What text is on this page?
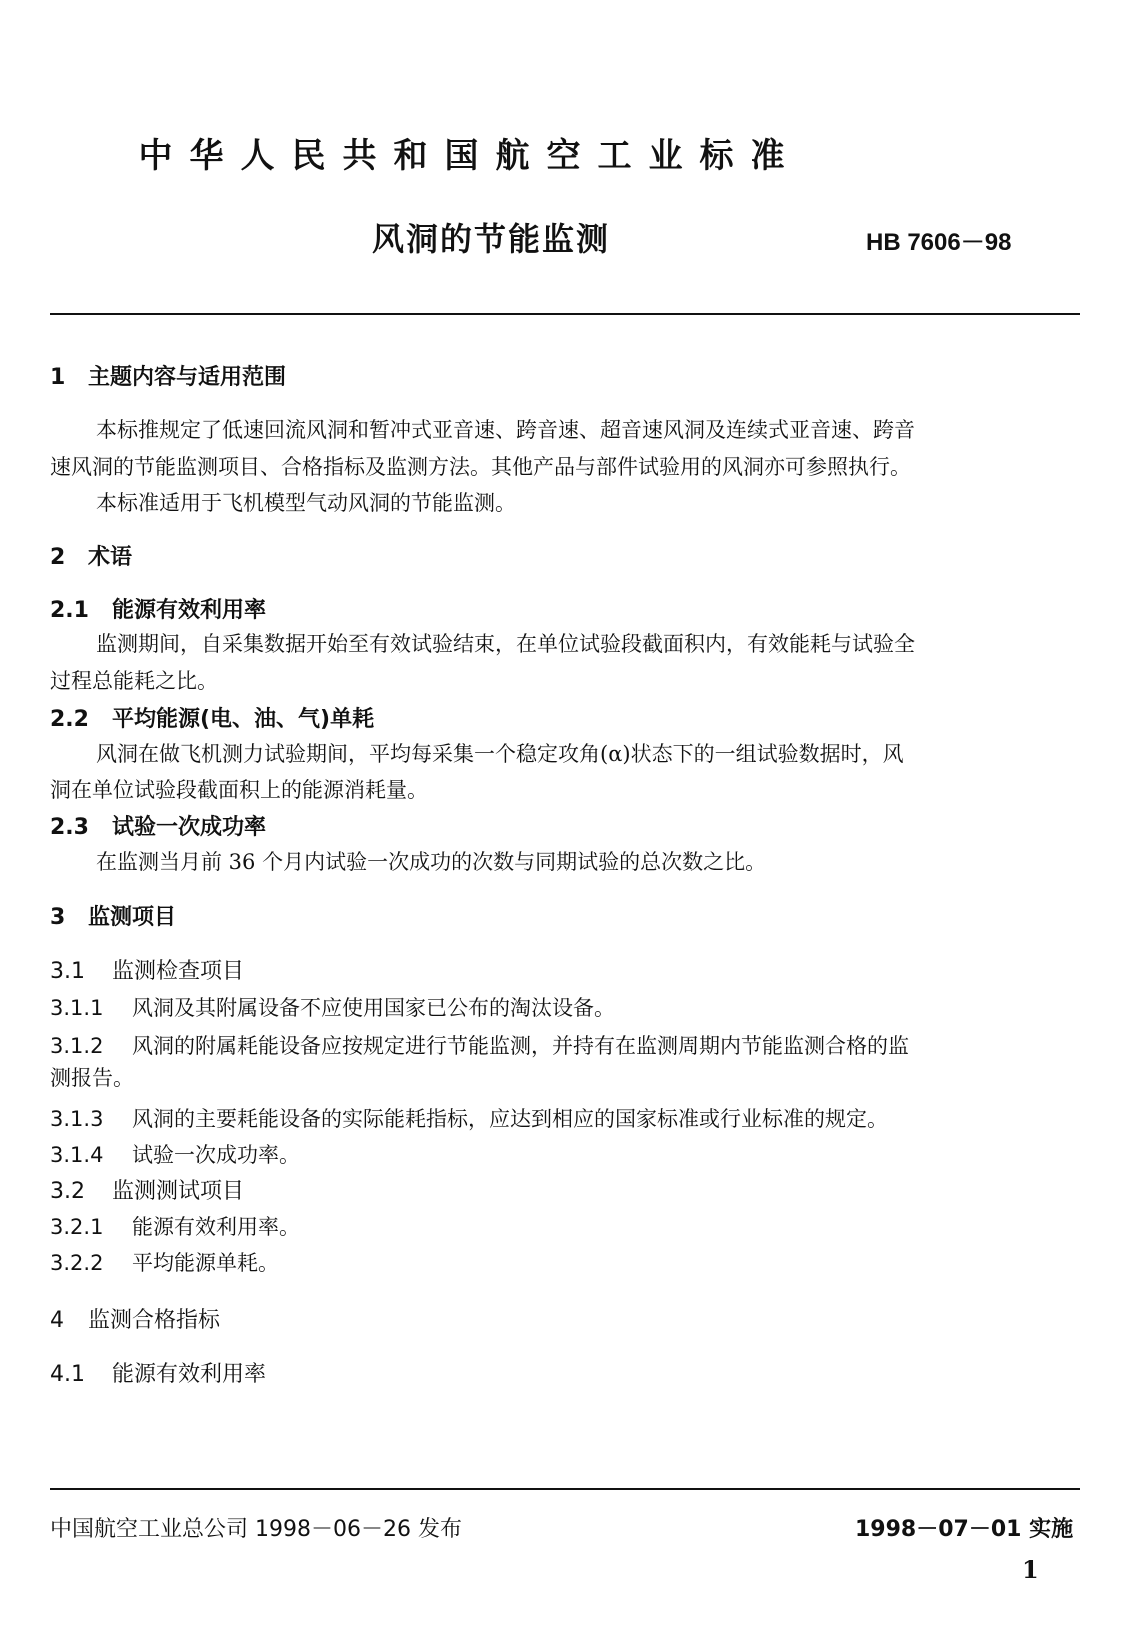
中华人民共和国航空工业标准
风洞的节能监测	HB 7606－98
1 主题内容与适用范围
本标推规定了低速回流风洞和暂冲式亚音速、跨音速、超音速风洞及连续式亚音速、跨音
速风洞的节能监测项目、合格指标及监测方法。其他产品与部件试验用的风洞亦可参照执行。
本标准适用于飞机模型气动风洞的节能监测。
2 术语
2.1 能源有效利用率
监测期间，自采集数据开始至有效试验结束，在单位试验段截面积内，有效能耗与试验全
过程总能耗之比。
2.2 平均能源(电、油、气)单耗
风洞在做飞机测力试验期间，平均每采集一个稳定攻角(α)状态下的一组试验数据时，风
洞在单位试验段截面积上的能源消耗量。
2.3 试验一次成功率
在监测当月前 36 个月内试验一次成功的次数与同期试验的总次数之比。
3 监测项目
3.1 监测检查项目
3.1.1 风洞及其附属设备不应使用国家已公布的淘汰设备。
3.1.2 风洞的附属耗能设备应按规定进行节能监测，并持有在监测周期内节能监测合格的监
测报告。
3.1.3 风洞的主要耗能设备的实际能耗指标，应达到相应的国家标准或行业标准的规定。
3.1.4 试验一次成功率。
3.2 监测测试项目
3.2.1 能源有效利用率。
3.2.2 平均能源单耗。
4 监测合格指标
4.1 能源有效利用率
中国航空工业总公司 1998－06－26 发布	1998－07－01 实施
1
